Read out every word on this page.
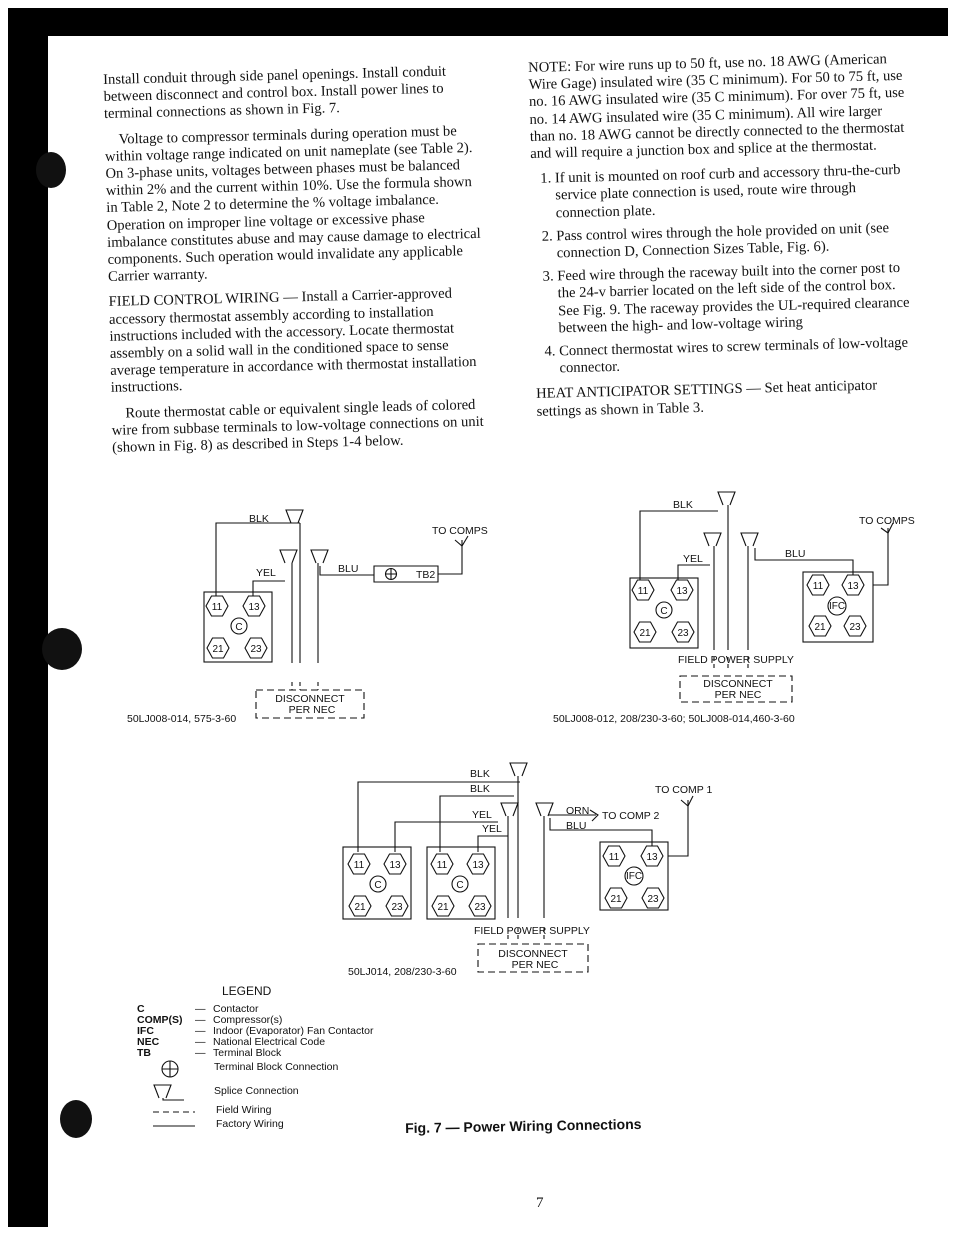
Install conduit through side panel openings. Install conduit between disconnect and control box. Install power lines to terminal connections as shown in Fig. 7.

Voltage to compressor terminals during operation must be within voltage range indicated on unit nameplate (see Table 2). On 3-phase units, voltages between phases must be balanced within 2% and the current within 10%. Use the formula shown in Table 2, Note 2 to determine the % voltage imbalance. Operation on improper line voltage or excessive phase imbalance constitutes abuse and may cause damage to electrical components. Such operation would invalidate any applicable Carrier warranty.

FIELD CONTROL WIRING — Install a Carrier-approved accessory thermostat assembly according to installation instructions included with the accessory. Locate thermostat assembly on a solid wall in the conditioned space to sense average temperature in accordance with thermostat installation instructions.

Route thermostat cable or equivalent single leads of colored wire from subbase terminals to low-voltage connections on unit (shown in Fig. 8) as described in Steps 1-4 below.

NOTE: For wire runs up to 50 ft, use no. 18 AWG (American Wire Gage) insulated wire (35 C minimum). For 50 to 75 ft, use no. 16 AWG insulated wire (35 C minimum). For over 75 ft, use no. 14 AWG insulated wire (35 C minimum). All wire larger than no. 18 AWG cannot be directly connected to the thermostat and will require a junction box and splice at the thermostat.

1. If unit is mounted on roof curb and accessory thru-the-curb service plate connection is used, route wire through connection plate.
2. Pass control wires through the hole provided on unit (see connection D, Connection Sizes Table, Fig. 6).
3. Feed wire through the raceway built into the corner post to the 24-v barrier located on the left side of the control box. See Fig. 9. The raceway provides the UL-required clearance between the high- and low-voltage wiring
4. Connect thermostat wires to screw terminals of low-voltage connector.

HEAT ANTICIPATOR SETTINGS — Set heat anticipator settings as shown in Table 3.

BLK
YEL	BLU	TB2
TO COMPS
11	13
C
21	23
DISCONNECT
PER NEC
50LJ008-014, 575-3-60
BLK
YEL	BLU
TO COMPS
11	13
C
21	23
11 13
IFC
21 23
FIELD POWER SUPPLY
DISCONNECT
PER NEC
50LJ008-012, 208/230-3-60; 50LJ008-014,460-3-60
BLK
BLK
YEL
YEL
ORN
BLU
TO COMP 2
TO COMP 1
11	13
C
21	23
11	13
C
21	23
11	13
IFC
21	23
FIELD POWER SUPPLY
DISCONNECT
PER NEC
50LJ014, 208/230-3-60
LEGEND
C	— Contactor
COMP(S)	— Compressor(s)
IFC	— Indoor (Evaporator) Fan Contactor
NEC	— National Electrical Code
TB	— Terminal Block
Terminal Block Connection
Splice Connection
Field Wiring
Factory Wiring	Fig. 7 — Power Wiring Connections
7
